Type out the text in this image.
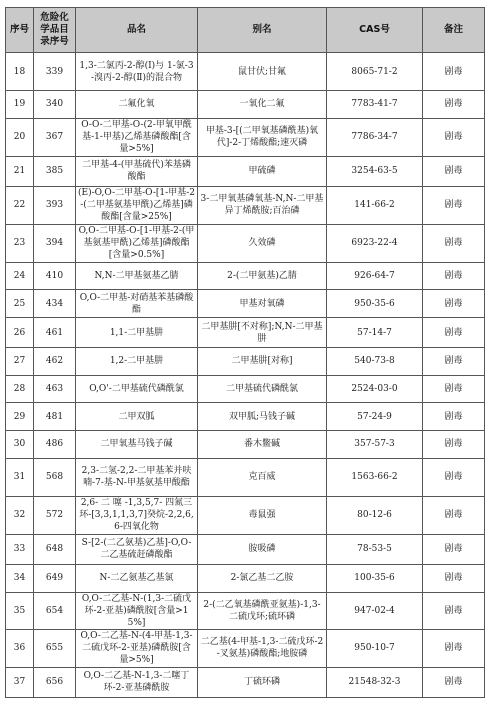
序号	危险化学品目录序号	品名	别名	CAS号	备注
18	339	1,3-二氯丙-2-醇(Ⅰ)与 1-氯-3-溴丙-2-醇(Ⅱ)的混合物	鼠甘伏;甘氟	8065-71-2	剧毒
19	340	二氟化氧	一氧化二氟	7783-41-7	剧毒
20	367	O-O-二甲基-O-(2-甲氧甲酰基-1-甲基)乙烯基磷酸酯[含量>5%]	甲基-3-[(二甲氧基磷酰基)氧代]-2-丁烯酸酯;速灭磷	7786-34-7	剧毒
21	385	二甲基-4-(甲基硫代)苯基磷酸酯	甲硫磷	3254-63-5	剧毒
22	393	(E)-O,O-二甲基-O-[1-甲基-2-(二甲基氨基甲酰)乙烯基]磷酸酯[含量>25%]	3-二甲氧基磷氧基-N,N-二甲基异丁烯酰胺;百治磷	141-66-2	剧毒
23	394	O,O-二甲基-O-[1-甲基-2-(甲基氨基甲酰)乙烯基]磷酸酯[含量>0.5%]	久效磷	6923-22-4	剧毒
24	410	N,N-二甲基氨基乙腈	2-(二甲氨基)乙腈	926-64-7	剧毒
25	434	O,O-二甲基-对硝基苯基磷酸酯	甲基对氧磷	950-35-6	剧毒
26	461	1,1-二甲基肼	二甲基肼[不对称];N,N-二甲基肼	57-14-7	剧毒
27	462	1,2-二甲基肼	二甲基肼[对称]	540-73-8	剧毒
28	463	O,O'-二甲基硫代磷酰氯	二甲基硫代磷酰氯	2524-03-0	剧毒
29	481	二甲双胍	双甲胍;马钱子碱	57-24-9	剧毒
30	486	二甲氧基马钱子碱	番木鳖碱	357-57-3	剧毒
31	568	2,3-二氢-2,2-二甲基苯并呋喃-7-基-N-甲基氨基甲酸酯	克百威	1563-66-2	剧毒
32	572	2,6- 二 噻 -1,3,5,7- 四氮三环-[3,3,1,1,3,7]癸烷-2,2,6,6-四氧化物	毒鼠强	80-12-6	剧毒
33	648	S-[2-(二乙氨基)乙基]-O,O-二乙基硫赶磷酸酯	胺吸磷	78-53-5	剧毒
34	649	N-二乙氨基乙基氯	2-氯乙基二乙胺	100-35-6	剧毒
35	654	O,O-二乙基-N-(1,3-二硫戊环-2-亚基)磷酰胺[含量>15%]	2-(二乙氧基磷酰亚氨基)-1,3-二硫戊环;硫环磷	947-02-4	剧毒
36	655	O,O-二乙基-N-(4-甲基-1,3-二硫戊环-2-亚基)磷酰胺[含量>5%]	二乙基(4-甲基-1,3-二硫戊环-2-叉氨基)磷酸酯;地胺磷	950-10-7	剧毒
37	656	O,O-二乙基-N-1,3-二噻丁环-2-亚基磷酰胺	丁硫环磷	21548-32-3	剧毒
